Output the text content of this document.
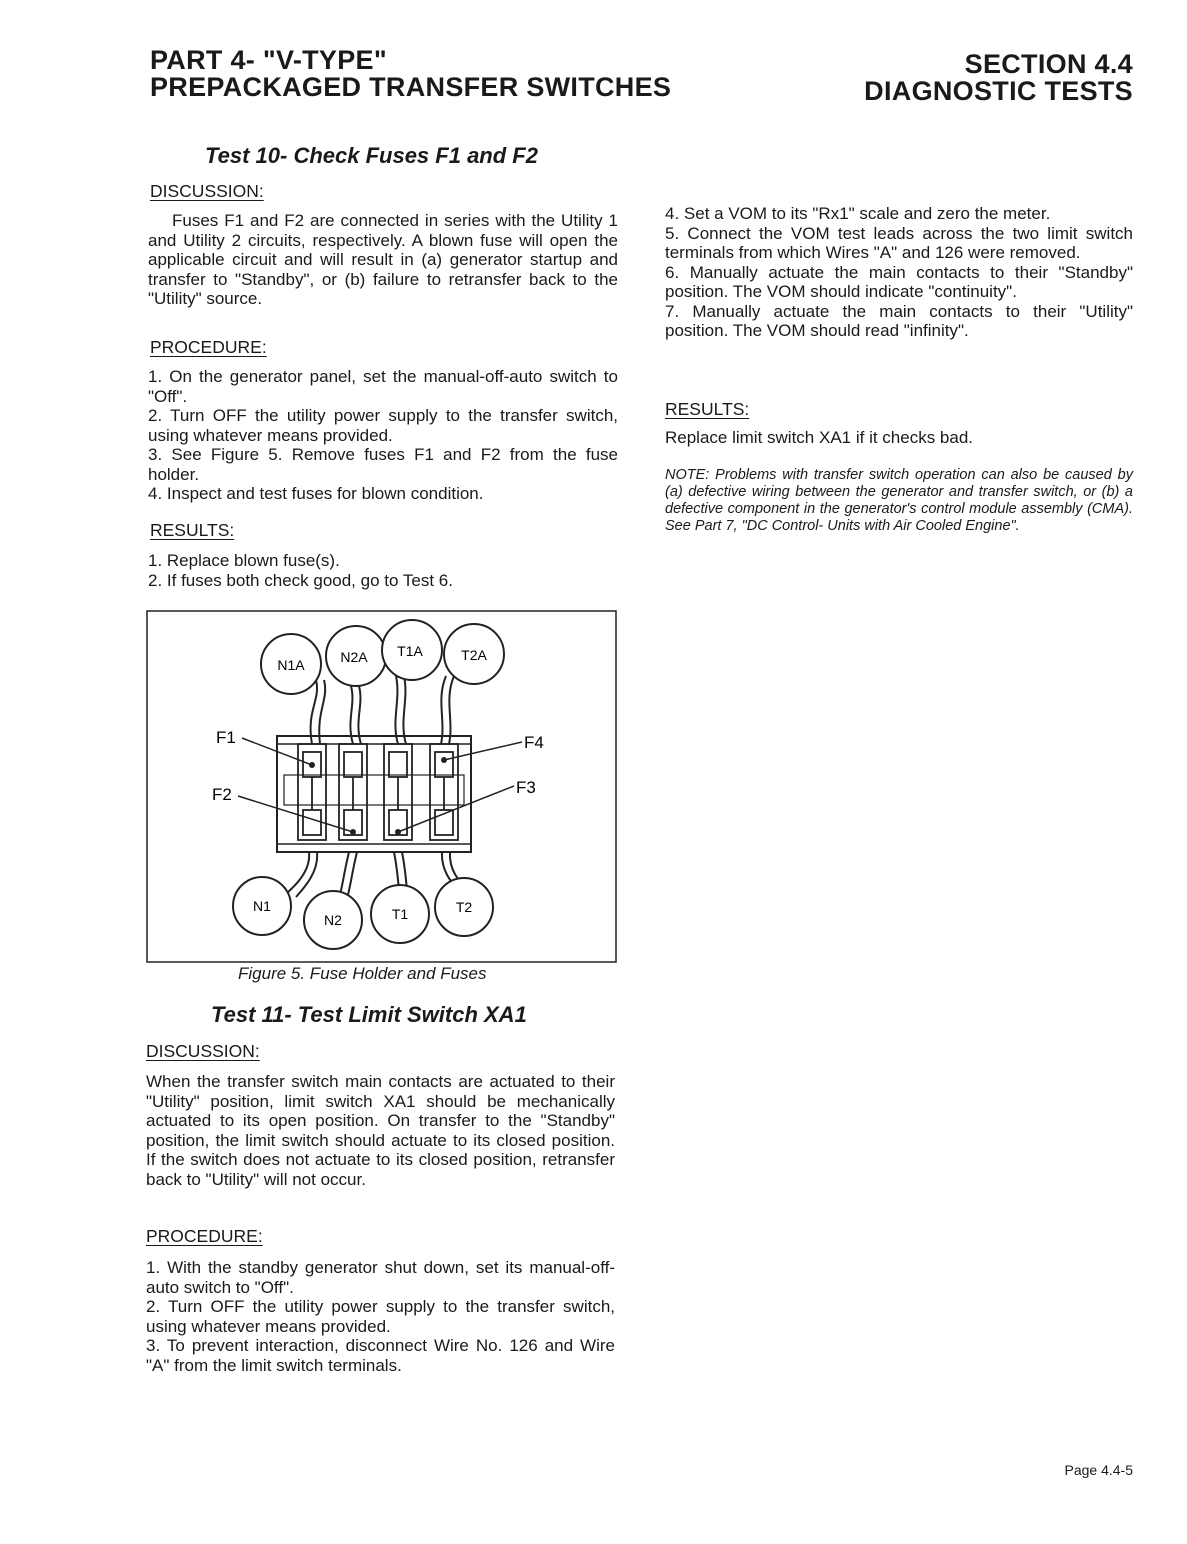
PART 4- "V-TYPE"
PREPACKAGED TRANSFER SWITCHES
SECTION 4.4
DIAGNOSTIC TESTS
Test 10- Check Fuses F1 and F2
DISCUSSION:

Fuses F1 and F2 are connected in series with the Utility 1 and Utility 2 circuits, respectively. A blown fuse will open the applicable circuit and will result in (a) generator startup and transfer to "Standby", or (b) failure to retransfer back to the "Utility" source.

PROCEDURE:

1. On the generator panel, set the manual-off-auto switch to "Off".

2. Turn OFF the utility power supply to the transfer switch, using whatever means provided.

3. See Figure 5. Remove fuses F1 and F2 from the fuse holder.

4. Inspect and test fuses for blown condition.

RESULTS:

1. Replace blown fuse(s).

2. If fuses both check good, go to Test 6.

N1A	N2A T1A	T2A
N1
N2	T1	T2
F1
F2	F3
F4
Figure 5. Fuse Holder and Fuses
Test 11- Test Limit Switch XA1
DISCUSSION:

When the transfer switch main contacts are actuated to their "Utility" position, limit switch XA1 should be mechanically actuated to its open position. On transfer to the "Standby" position, the limit switch should actuate to its closed position. If the switch does not actuate to its closed position, retransfer back to "Utility" will not occur.

PROCEDURE:

1. With the standby generator shut down, set its manual-off-auto switch to "Off".

2. Turn OFF the utility power supply to the transfer switch, using whatever means provided.

3. To prevent interaction, disconnect Wire No. 126 and Wire "A" from the limit switch terminals.

4. Set a VOM to its "Rx1" scale and zero the meter.

5. Connect the VOM test leads across the two limit switch terminals from which Wires "A" and 126 were removed.

6. Manually actuate the main contacts to their "Standby" position. The VOM should indicate "continuity".

7. Manually actuate the main contacts to their "Utility" position. The VOM should read "infinity".

RESULTS:
Replace limit switch XA1 if it checks bad.

NOTE: Problems with transfer switch operation can also be caused by (a) defective wiring between the generator and transfer switch, or (b) a defective component in the generator's control module assembly (CMA). See Part 7, "DC Control- Units with Air Cooled Engine".

Page 4.4-5
